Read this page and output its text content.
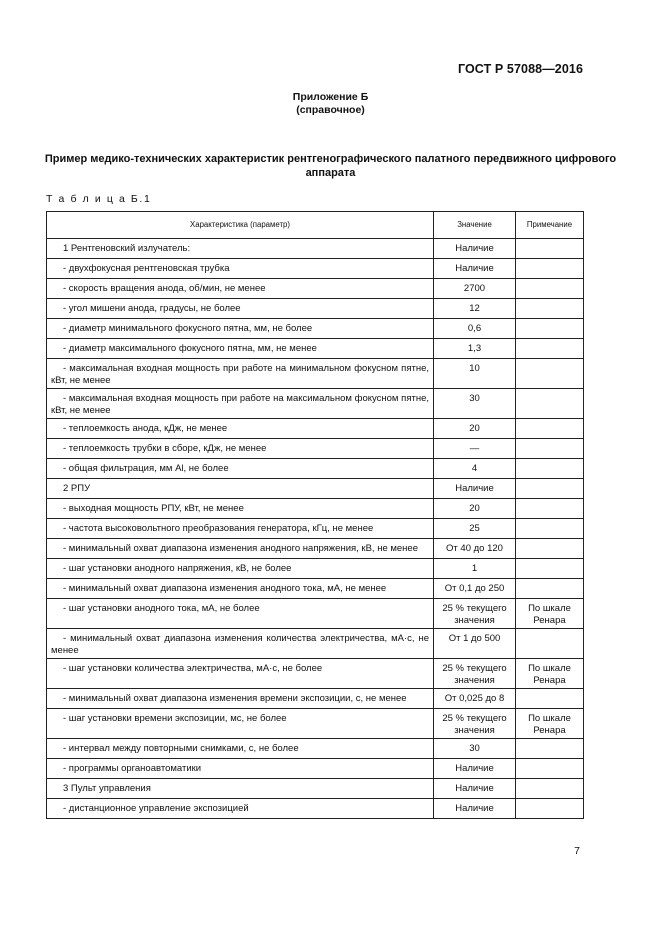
ГОСТ Р 57088—2016
Приложение Б
(справочное)
Пример медико-технических характеристик рентгенографического палатного передвижного цифрового аппарата
Т а б л и ц а Б.1
Характеристика (параметр)	Значение	Примечание
1 Рентгеновский излучатель:	Наличие	
- двухфокусная рентгеновская трубка	Наличие	
- скорость вращения анода, об/мин, не менее	2700	
- угол мишени анода, градусы, не более	12	
- диаметр минимального фокусного пятна, мм, не более	0,6	
- диаметр максимального фокусного пятна, мм, не менее	1,3	
- максимальная входная мощность при работе на минимальном фокусном пятне, кВт, не менее	10	
- максимальная входная мощность при работе на максимальном фокусном пятне, кВт, не менее	30	
- теплоемкость анода, кДж, не менее	20	
- теплоемкость трубки в сборе, кДж, не менее	—	
- общая фильтрация, мм Al, не более	4	
2 РПУ	Наличие	
- выходная мощность РПУ, кВт, не менее	20	
- частота высоковольтного преобразования генератора, кГц, не менее	25	
- минимальный охват диапазона изменения анодного напряжения, кВ, не менее	От 40 до 120	
- шаг установки анодного напряжения, кВ, не более	1	
- минимальный охват диапазона изменения анодного тока, мА, не менее	От 0,1 до 250	
- шаг установки анодного тока, мА, не более	25 % текущего значения	По шкале Ренара
- минимальный охват диапазона изменения количества электричества, мА·с, не менее	От 1 до 500	
- шаг установки количества электричества, мА·с, не более	25 % текущего значения	По шкале Ренара
- минимальный охват диапазона изменения времени экспозиции, с, не менее	От 0,025 до 8	
- шаг установки времени экспозиции, мс, не более	25 % текущего значения	По шкале Ренара
- интервал между повторными снимками, с, не более	30	
- программы органоавтоматики	Наличие	
3 Пульт управления	Наличие	
- дистанционное управление экспозицией	Наличие	
7
